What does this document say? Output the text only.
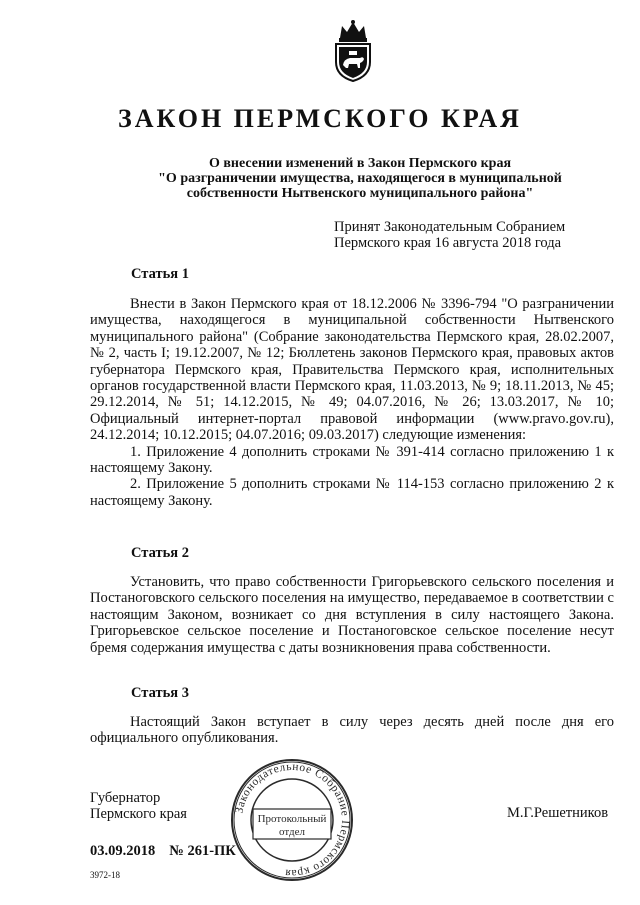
ЗАКОН ПЕРМСКОГО КРАЯ
О внесении изменений в Закон Пермского края
"О разграничении имущества, находящегося в муниципальной
собственности Нытвенского муниципального района"
Принят Законодательным Собранием
Пермского края 16 августа 2018 года
Статья 1

Внести в Закон Пермского края от 18.12.2006 № 3396-794 "О разграничении имущества, находящегося в муниципальной собственности Нытвенского муниципального района" (Собрание законодательства Пермского края, 28.02.2007, № 2, часть I; 19.12.2007, № 12; Бюллетень законов Пермского края, правовых актов губернатора Пермского края, Правительства Пермского края, исполнительных органов государственной власти Пермского края, 11.03.2013, № 9; 18.11.2013, № 45; 29.12.2014, № 51; 14.12.2015, № 49; 04.07.2016, № 26; 13.03.2017, № 10; Официальный интернет-портал правовой информации (www.pravo.gov.ru), 24.12.2014; 10.12.2015; 04.07.2016; 09.03.2017) следующие изменения:

1. Приложение 4 дополнить строками № 391-414 согласно приложению 1 к настоящему Закону.

2. Приложение 5 дополнить строками № 114-153 согласно приложению 2 к настоящему Закону.

Статья 2

Установить, что право собственности Григорьевского сельского поселения и Постаноговского сельского поселения на имущество, передаваемое в соответствии с настоящим Законом, возникает со дня вступления в силу настоящего Закона. Григорьевское сельское поселение и Постаноговское сельское поселение несут бремя содержания имущества с даты возникновения права собственности.

Статья 3

Настоящий Закон вступает в силу через десять дней после дня его официального опубликования.

Губернатор
Пермского края	М.Г.Решетников
03.09.2018 № 261-ПК
3972-18
Законодательное Собрание Пермского края
Протокольный
отдел
